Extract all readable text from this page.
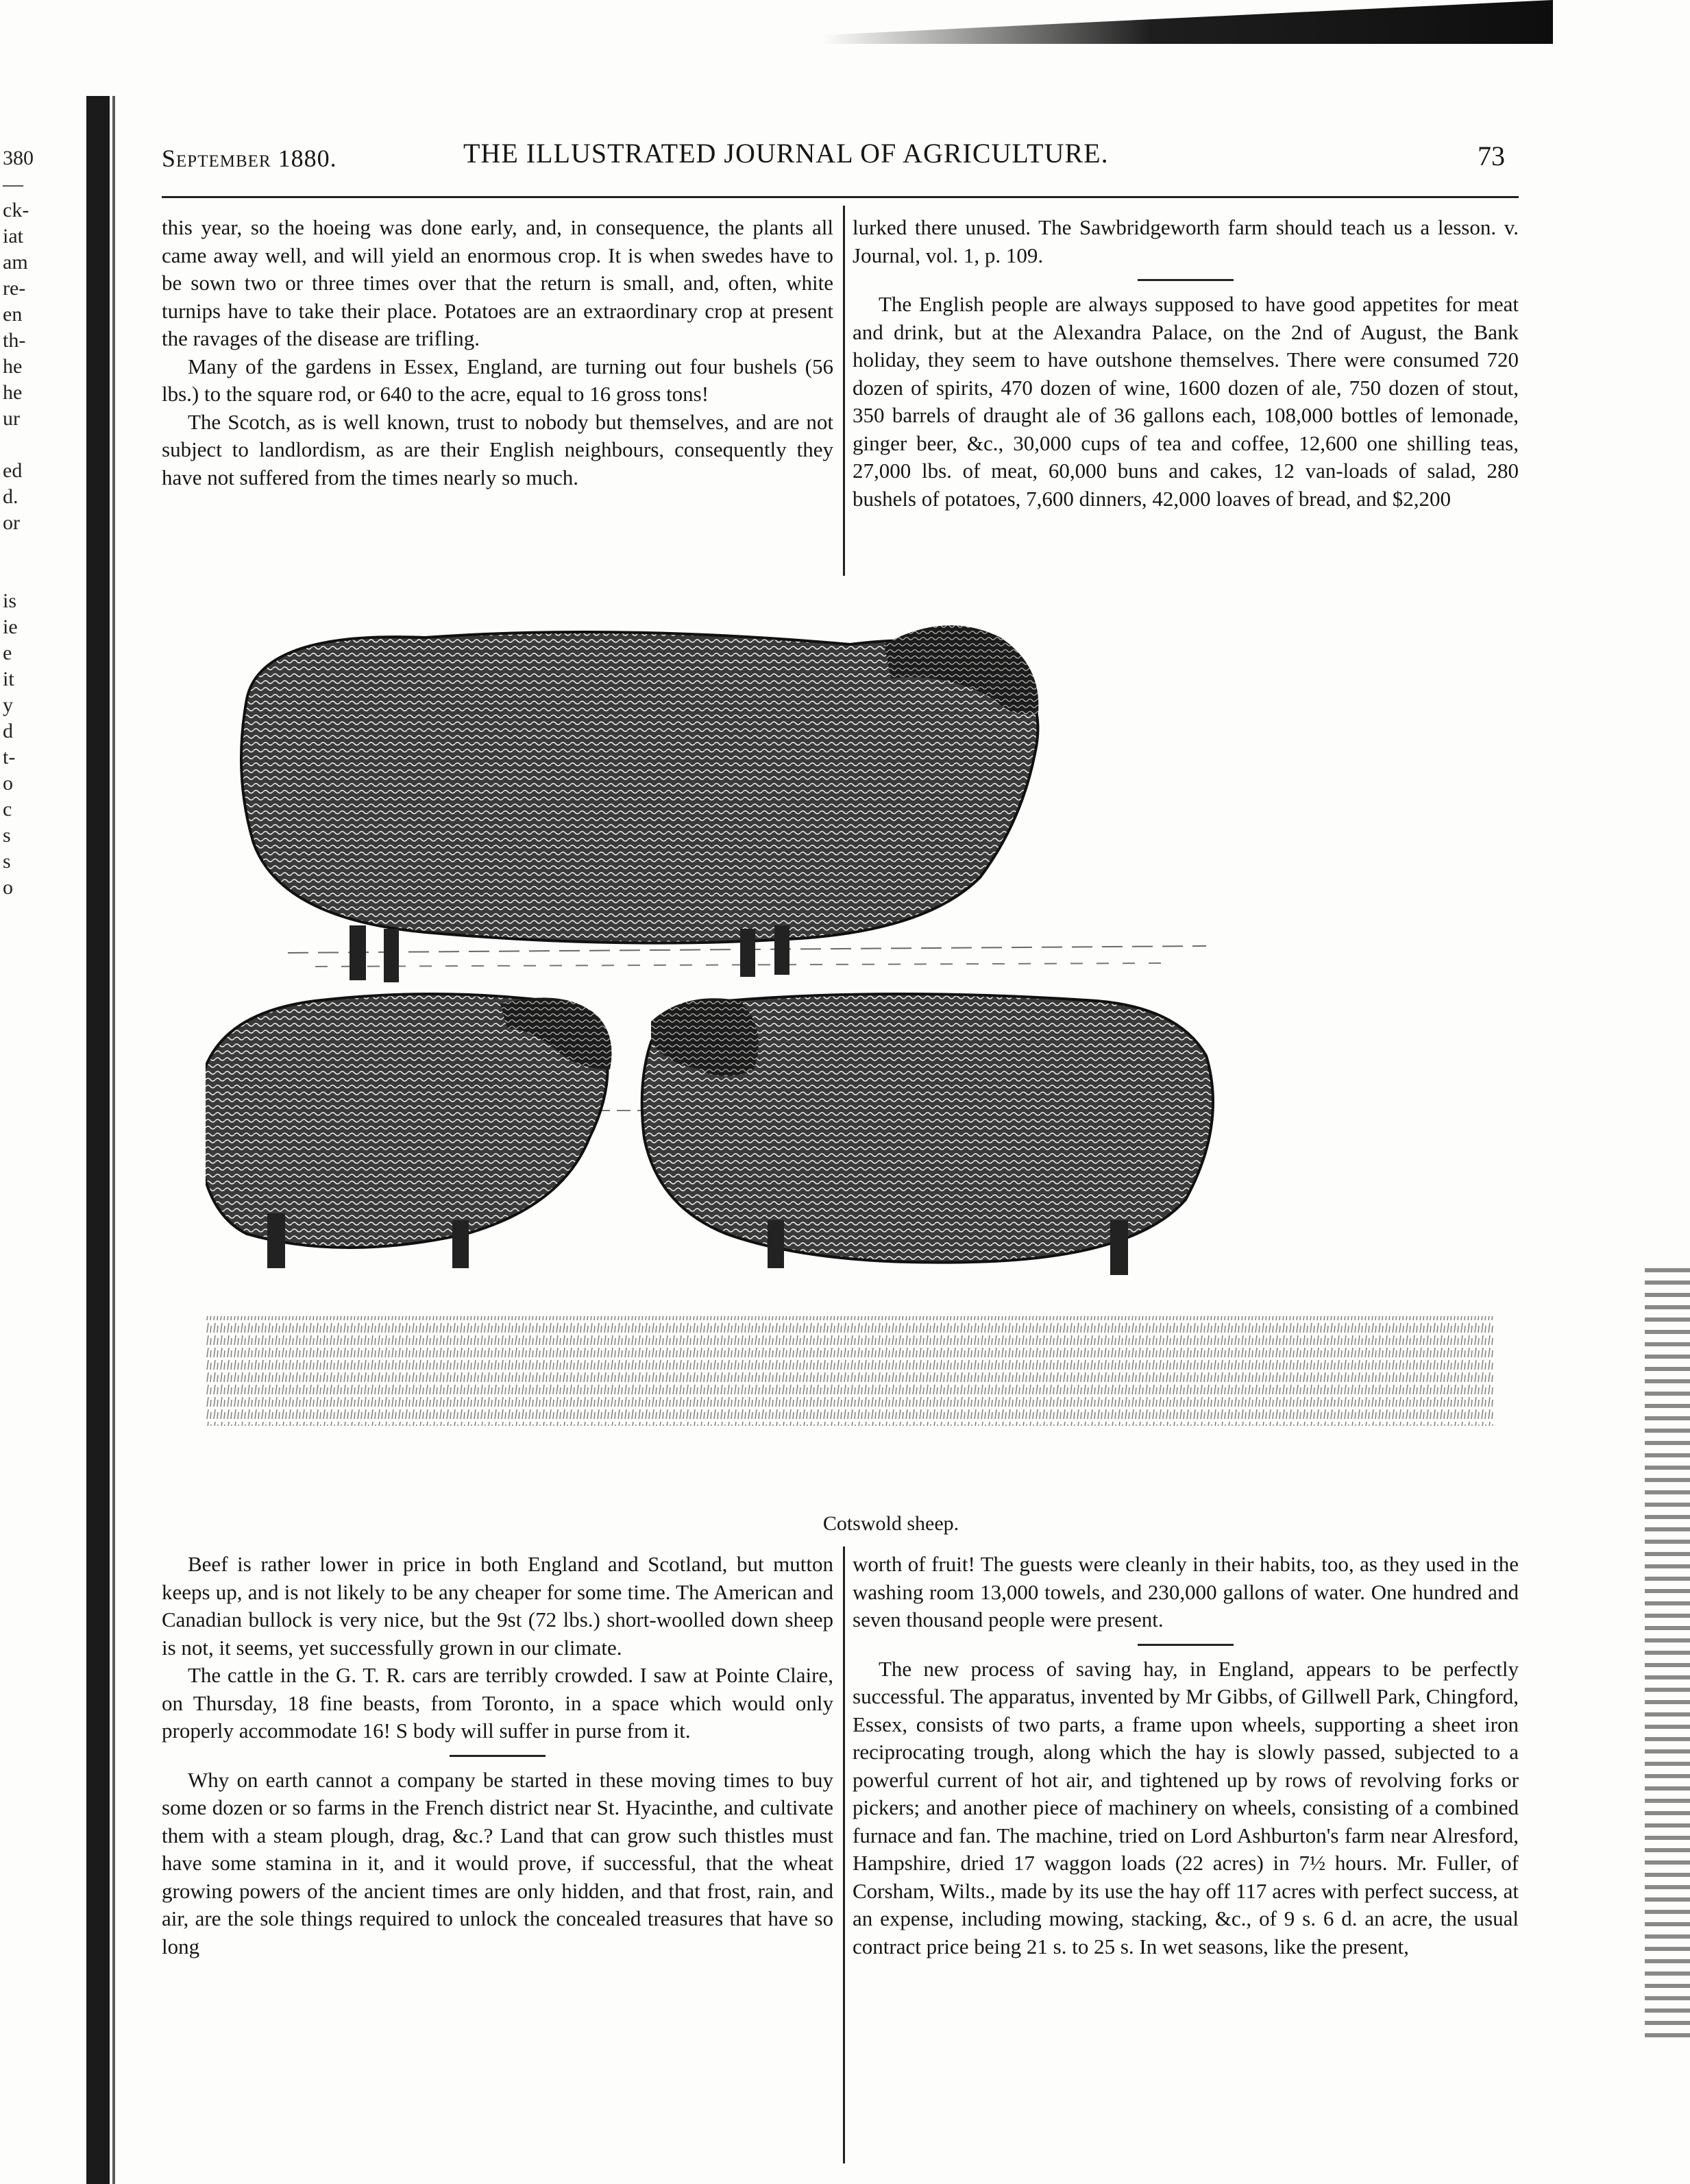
380
—
ck-
iat
am
re-
en
th-
he
he
ur

ed
d.
or

is
ie
e
it
y
d
t-
o
c
s
s
o
September 1880.	THE ILLUSTRATED JOURNAL OF AGRICULTURE.	73

this year, so the hoeing was done early, and, in consequence, the plants all came away well, and will yield an enormous crop. It is when swedes have to be sown two or three times over that the return is small, and, often, white turnips have to take their place. Potatoes are an extraordinary crop at present the ravages of the disease are trifling.

Many of the gardens in Essex, England, are turning out four bushels (56 lbs.) to the square rod, or 640 to the acre, equal to 16 gross tons!

The Scotch, as is well known, trust to nobody but themselves, and are not subject to landlordism, as are their English neighbours, consequently they have not suffered from the times nearly so much.

lurked there unused. The Sawbridgeworth farm should teach us a lesson. v. Journal, vol. 1, p. 109.

The English people are always supposed to have good appetites for meat and drink, but at the Alexandra Palace, on the 2nd of August, the Bank holiday, they seem to have outshone themselves. There were consumed 720 dozen of spirits, 470 dozen of wine, 1600 dozen of ale, 750 dozen of stout, 350 barrels of draught ale of 36 gallons each, 108,000 bottles of lemonade, ginger beer, &c., 30,000 cups of tea and coffee, 12,600 one shilling teas, 27,000 lbs. of meat, 60,000 buns and cakes, 12 van-loads of salad, 280 bushels of potatoes, 7,600 dinners, 42,000 loaves of bread, and $2,200

Cotswold sheep.

Beef is rather lower in price in both England and Scotland, but mutton keeps up, and is not likely to be any cheaper for some time. The American and Canadian bullock is very nice, but the 9st (72 lbs.) short-woolled down sheep is not, it seems, yet successfully grown in our climate.

The cattle in the G. T. R. cars are terribly crowded. I saw at Pointe Claire, on Thursday, 18 fine beasts, from Toronto, in a space which would only properly accommodate 16! S body will suffer in purse from it.

Why on earth cannot a company be started in these moving times to buy some dozen or so farms in the French district near St. Hyacinthe, and cultivate them with a steam plough, drag, &c.? Land that can grow such thistles must have some stamina in it, and it would prove, if successful, that the wheat growing powers of the ancient times are only hidden, and that frost, rain, and air, are the sole things required to unlock the concealed treasures that have so long

worth of fruit! The guests were cleanly in their habits, too, as they used in the washing room 13,000 towels, and 230,000 gallons of water. One hundred and seven thousand people were present.

The new process of saving hay, in England, appears to be perfectly successful. The apparatus, invented by Mr Gibbs, of Gillwell Park, Chingford, Essex, consists of two parts, a frame upon wheels, supporting a sheet iron reciprocating trough, along which the hay is slowly passed, subjected to a powerful current of hot air, and tightened up by rows of revolving forks or pickers; and another piece of machinery on wheels, consisting of a combined furnace and fan. The machine, tried on Lord Ashburton's farm near Alresford, Hampshire, dried 17 waggon loads (22 acres) in 7½ hours. Mr. Fuller, of Corsham, Wilts., made by its use the hay off 117 acres with perfect success, at an expense, including mowing, stacking, &c., of 9 s. 6 d. an acre, the usual contract price being 21 s. to 25 s. In wet seasons, like the present,
